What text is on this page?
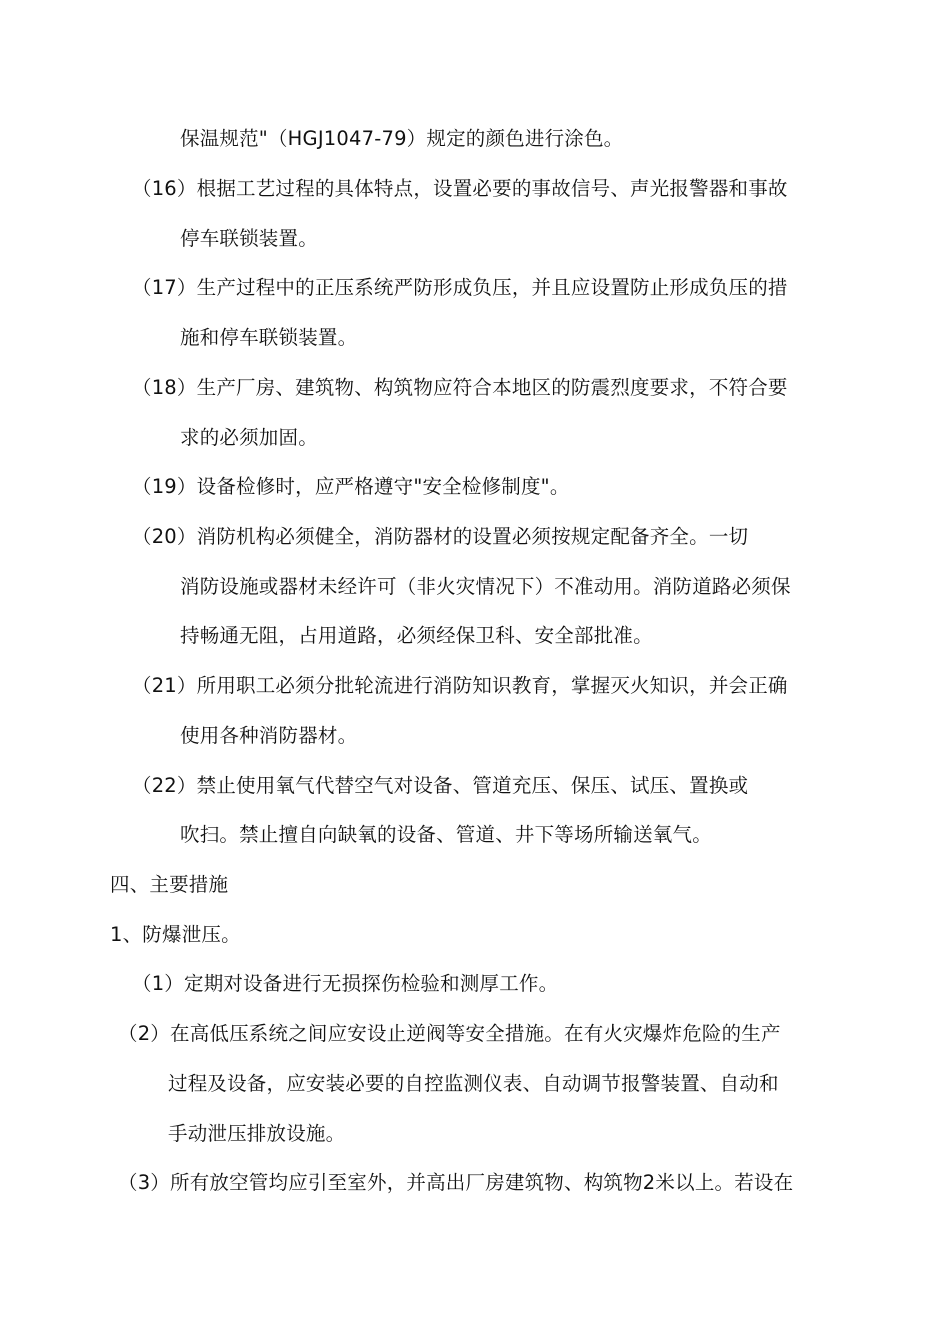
保温规范"（HGJ1047-79）规定的颜色进行涂色。
（16）根据工艺过程的具体特点，设置必要的事故信号、声光报警器和事故
停车联锁装置。
（17）生产过程中的正压系统严防形成负压，并且应设置防止形成负压的措
施和停车联锁装置。
（18）生产厂房、建筑物、构筑物应符合本地区的防震烈度要求，不符合要
求的必须加固。
（19）设备检修时，应严格遵守"安全检修制度"。
（20）消防机构必须健全，消防器材的设置必须按规定配备齐全。一切
消防设施或器材未经许可（非火灾情况下）不准动用。消防道路必须保
持畅通无阻，占用道路，必须经保卫科、安全部批准。
（21）所用职工必须分批轮流进行消防知识教育，掌握灭火知识，并会正确
使用各种消防器材。
（22）禁止使用氧气代替空气对设备、管道充压、保压、试压、置换或
吹扫。禁止擅自向缺氧的设备、管道、井下等场所输送氧气。
四、主要措施
1、防爆泄压。
（1）定期对设备进行无损探伤检验和测厚工作。
（2）在高低压系统之间应安设止逆阀等安全措施。在有火灾爆炸危险的生产
过程及设备，应安装必要的自控监测仪表、自动调节报警装置、自动和
手动泄压排放设施。
（3）所有放空管均应引至室外，并高出厂房建筑物、构筑物2米以上。若设在
